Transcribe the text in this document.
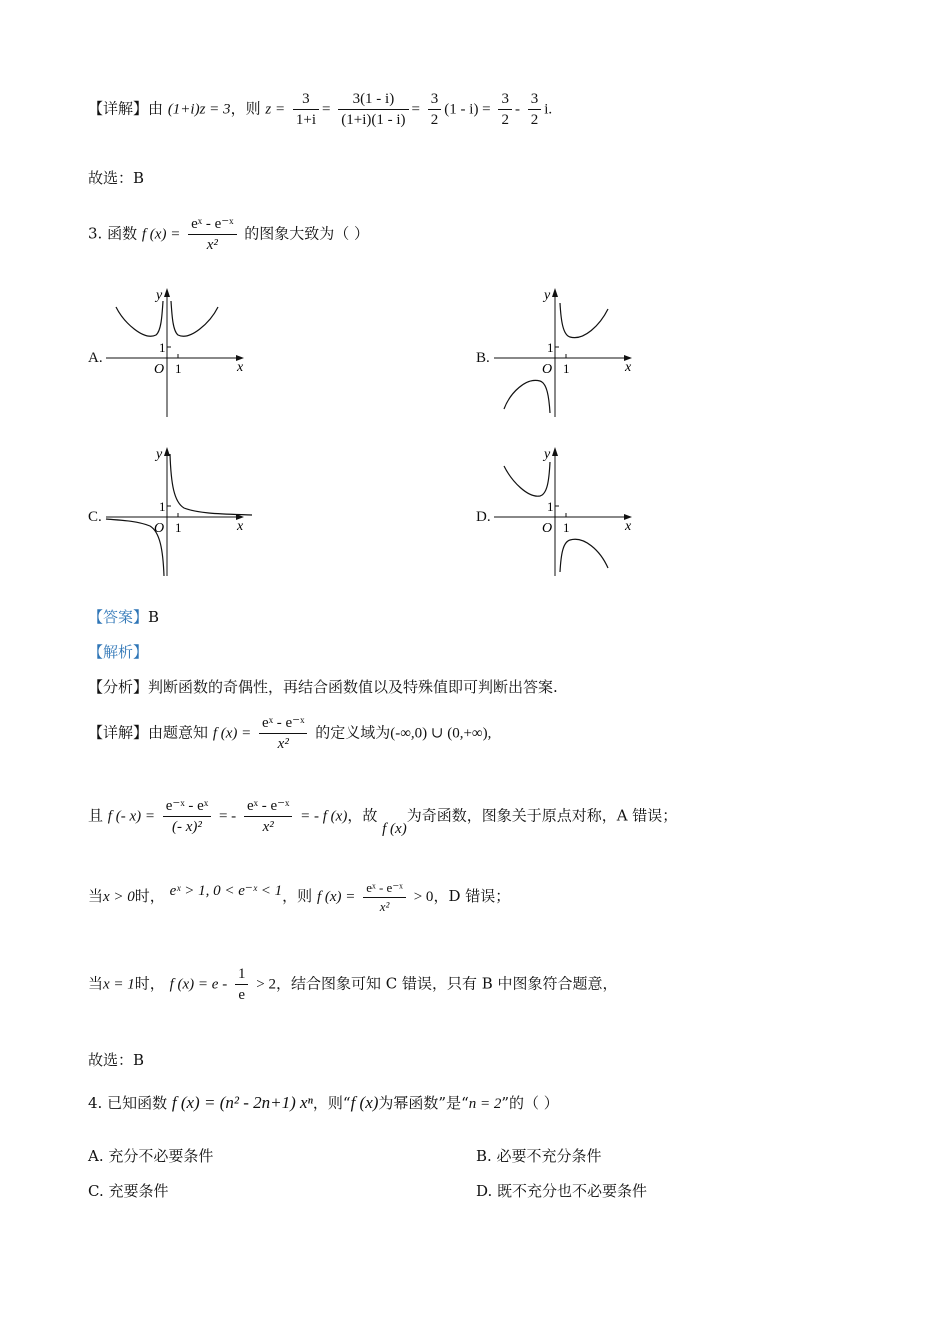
【详解】由 (1+i)z = 3，则 $z = \frac{3}{1+i} = \frac{3(1 - i)}{(1+i)(1 - i)} = \frac{3}{2} (1 - i) = \frac{3}{2} - \frac{3}{2} i$.
故选：B
3. 函数 f $(x) = \frac{\text{eˣ - e⁻ˣ}}{\text{x²}}$ 的图象大致为（ ）
A.	B.
C.	D.
y
x
O
1
1
y
x
O
1
1
y
x
O
1
1
y
x
O
1
1
【答案】B
【解析】
【分析】判断函数的奇偶性，再结合函数值以及特殊值即可判断出答案.
【详解】由题意知 f $(x) = \frac{\text{eˣ - e⁻ˣ}}{\text{x²}}$ 的定义域为(-∞,0) ∪ (0,+∞),
且 f (- $x) = \frac{\text{e⁻ˣ - eˣ}}{\text{(- x)²}}$ = - $\frac{\text{eˣ - e⁻ˣ}}{\text{x²}}$ = - f (x)，故 f (x)为奇函数，图象关于原点对称，A 错误；
当x > 0时， eˣ > 1, 0 < e⁻ˣ < 1，则 f $(x) = \frac{\text{eˣ - e⁻ˣ}}{\text{x²}} > 0$，D 错误；
当x = 1时， f $(x) = e - \frac{1}{e} > 2$，结合图象可知 C 错误，只有 B 中图象符合题意，
故选：B
4. 已知函数 f (x) = (n² - 2n+1) xⁿ，则“f (x)为幂函数”是“n = 2”的（ ）
A. 充分不必要条件	B. 必要不充分条件
C. 充要条件	D. 既不充分也不必要条件
